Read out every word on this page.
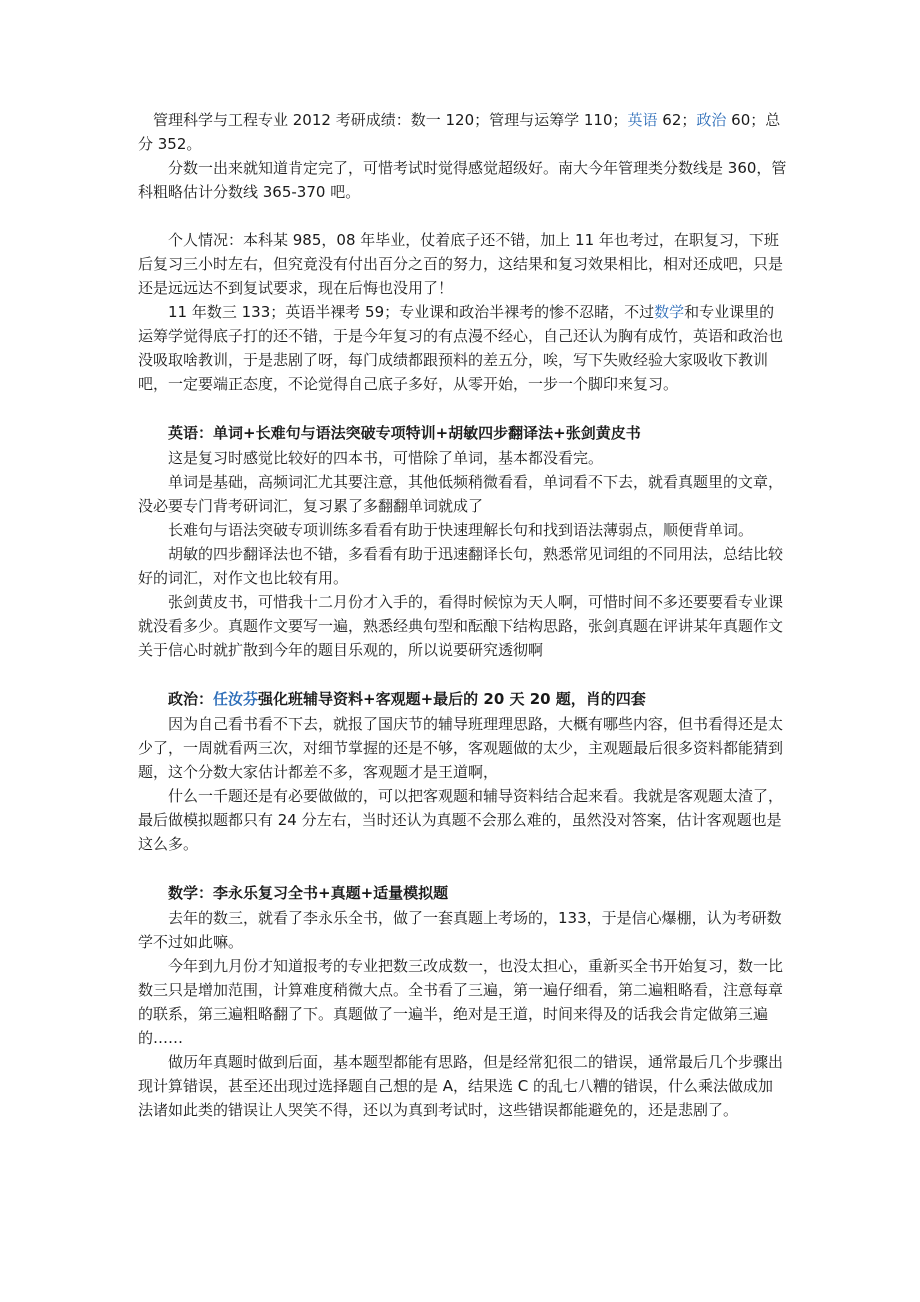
管理科学与工程专业 2012 考研成绩：数一 120；管理与运筹学 110；英语 62；政治 60；总分 352。

分数一出来就知道肯定完了，可惜考试时觉得感觉超级好。南大今年管理类分数线是 360，管科粗略估计分数线 365-370 吧。

个人情况：本科某 985，08 年毕业，仗着底子还不错，加上 11 年也考过，在职复习，下班后复习三小时左右，但究竟没有付出百分之百的努力，这结果和复习效果相比，相对还成吧，只是还是远远达不到复试要求，现在后悔也没用了！

11 年数三 133；英语半裸考 59；专业课和政治半裸考的惨不忍睹，不过数学和专业课里的运筹学觉得底子打的还不错，于是今年复习的有点漫不经心，自己还认为胸有成竹，英语和政治也没吸取啥教训，于是悲剧了呀，每门成绩都跟预料的差五分，唉，写下失败经验大家吸收下教训吧，一定要端正态度，不论觉得自己底子多好，从零开始，一步一个脚印来复习。

英语：单词+长难句与语法突破专项特训+胡敏四步翻译法+张剑黄皮书

这是复习时感觉比较好的四本书，可惜除了单词，基本都没看完。

单词是基础，高频词汇尤其要注意，其他低频稍微看看，单词看不下去，就看真题里的文章，没必要专门背考研词汇，复习累了多翻翻单词就成了

长难句与语法突破专项训练多看看有助于快速理解长句和找到语法薄弱点，顺便背单词。

胡敏的四步翻译法也不错，多看看有助于迅速翻译长句，熟悉常见词组的不同用法，总结比较好的词汇，对作文也比较有用。

张剑黄皮书，可惜我十二月份才入手的，看得时候惊为天人啊，可惜时间不多还要要看专业课就没看多少。真题作文要写一遍，熟悉经典句型和酝酿下结构思路，张剑真题在评讲某年真题作文关于信心时就扩散到今年的题目乐观的，所以说要研究透彻啊

政治：任汝芬强化班辅导资料+客观题+最后的 20 天 20 题，肖的四套

因为自己看书看不下去，就报了国庆节的辅导班理理思路，大概有哪些内容，但书看得还是太少了，一周就看两三次，对细节掌握的还是不够，客观题做的太少，主观题最后很多资料都能猜到题，这个分数大家估计都差不多，客观题才是王道啊，

什么一千题还是有必要做做的，可以把客观题和辅导资料结合起来看。我就是客观题太渣了，最后做模拟题都只有 24 分左右，当时还认为真题不会那么难的，虽然没对答案，估计客观题也是这么多。

数学：李永乐复习全书+真题+适量模拟题

去年的数三，就看了李永乐全书，做了一套真题上考场的，133，于是信心爆棚，认为考研数学不过如此嘛。

今年到九月份才知道报考的专业把数三改成数一，也没太担心，重新买全书开始复习，数一比数三只是增加范围，计算难度稍微大点。全书看了三遍，第一遍仔细看，第二遍粗略看，注意每章的联系，第三遍粗略翻了下。真题做了一遍半，绝对是王道，时间来得及的话我会肯定做第三遍的……

做历年真题时做到后面，基本题型都能有思路，但是经常犯很二的错误，通常最后几个步骤出现计算错误，甚至还出现过选择题自己想的是 A，结果选 C 的乱七八糟的错误，什么乘法做成加法诸如此类的错误让人哭笑不得，还以为真到考试时，这些错误都能避免的，还是悲剧了。
